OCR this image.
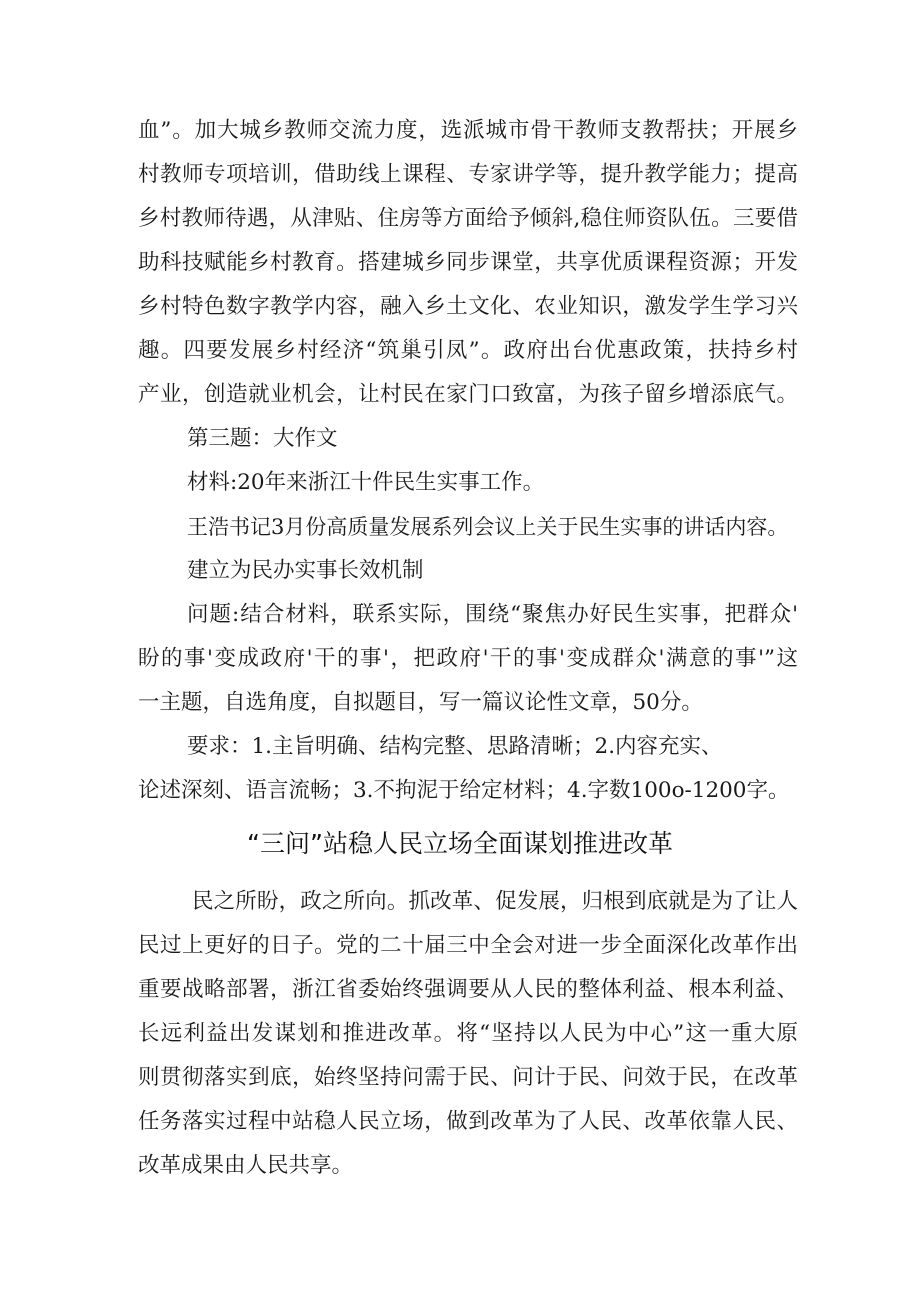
血”。加大城乡教师交流力度，选派城市骨干教师支教帮扶；开展乡
村教师专项培训，借助线上课程、专家讲学等，提升教学能力；提高
乡村教师待遇，从津贴、住房等方面给予倾斜,稳住师资队伍。三要借
助科技赋能乡村教育。搭建城乡同步课堂，共享优质课程资源；开发
乡村特色数字教学内容，融入乡土文化、农业知识，激发学生学习兴
趣。四要发展乡村经济“筑巢引凤”。政府出台优惠政策，扶持乡村
产业，创造就业机会，让村民在家门口致富，为孩子留乡增添底气。
第三题：大作文
材料:20年来浙江十件民生实事工作。
王浩书记3月份高质量发展系列会议上关于民生实事的讲话内容。
建立为民办实事长效机制
问题:结合材料，联系实际，围绕“聚焦办好民生实事，把群众'
盼的事'变成政府'干的事'，把政府'干的事'变成群众'满意的事'”这
一主题，自选角度，自拟题目，写一篇议论性文章，50分。
要求：1.主旨明确、结构完整、思路清晰；2.内容充实、
论述深刻、语言流畅；3.不拘泥于给定材料；4.字数100o-1200字。
“三问”站稳人民立场全面谋划推进改革
民之所盼，政之所向。抓改革、促发展，归根到底就是为了让人
民过上更好的日子。党的二十届三中全会对进一步全面深化改革作出
重要战略部署，浙江省委始终强调要从人民的整体利益、根本利益、
长远利益出发谋划和推进改革。将“坚持以人民为中心”这一重大原
则贯彻落实到底，始终坚持问需于民、问计于民、问效于民，在改革
任务落实过程中站稳人民立场，做到改革为了人民、改革依靠人民、
改革成果由人民共享。
